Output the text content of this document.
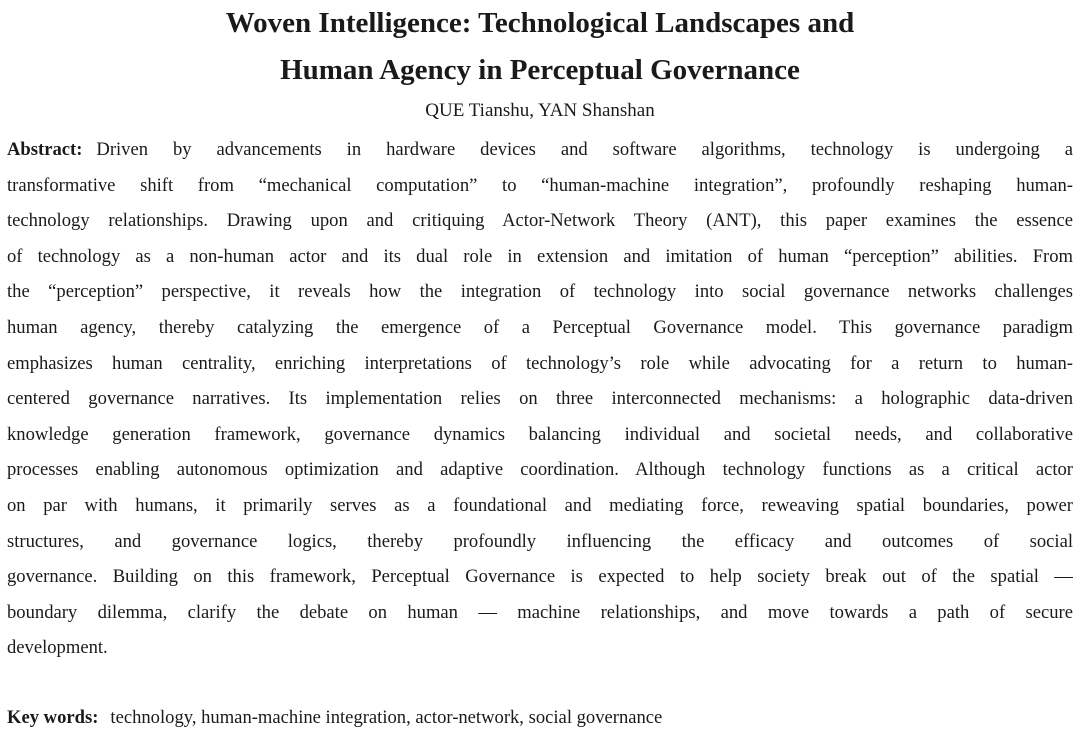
Woven Intelligence: Technological Landscapes and
Human Agency in Perceptual Governance
QUE Tianshu, YAN Shanshan
Abstract: Driven by advancements in hardware devices and software algorithms, technology is undergoing a
transformative shift from “mechanical computation” to “human-machine integration”, profoundly reshaping human-
technology relationships. Drawing upon and critiquing Actor-Network Theory (ANT), this paper examines the essence
of technology as a non-human actor and its dual role in extension and imitation of human “perception” abilities. From
the “perception” perspective, it reveals how the integration of technology into social governance networks challenges
human agency, thereby catalyzing the emergence of a Perceptual Governance model. This governance paradigm
emphasizes human centrality, enriching interpretations of technology’s role while advocating for a return to human-
centered governance narratives. Its implementation relies on three interconnected mechanisms: a holographic data-driven
knowledge generation framework, governance dynamics balancing individual and societal needs, and collaborative
processes enabling autonomous optimization and adaptive coordination. Although technology functions as a critical actor
on par with humans, it primarily serves as a foundational and mediating force, reweaving spatial boundaries, power
structures, and governance logics, thereby profoundly influencing the efficacy and outcomes of social
governance. Building on this framework, Perceptual Governance is expected to help society break out of the spatial —
boundary dilemma, clarify the debate on human — machine relationships, and move towards a path of secure
development.
Key words: technology, human-machine integration, actor-network, social governance
